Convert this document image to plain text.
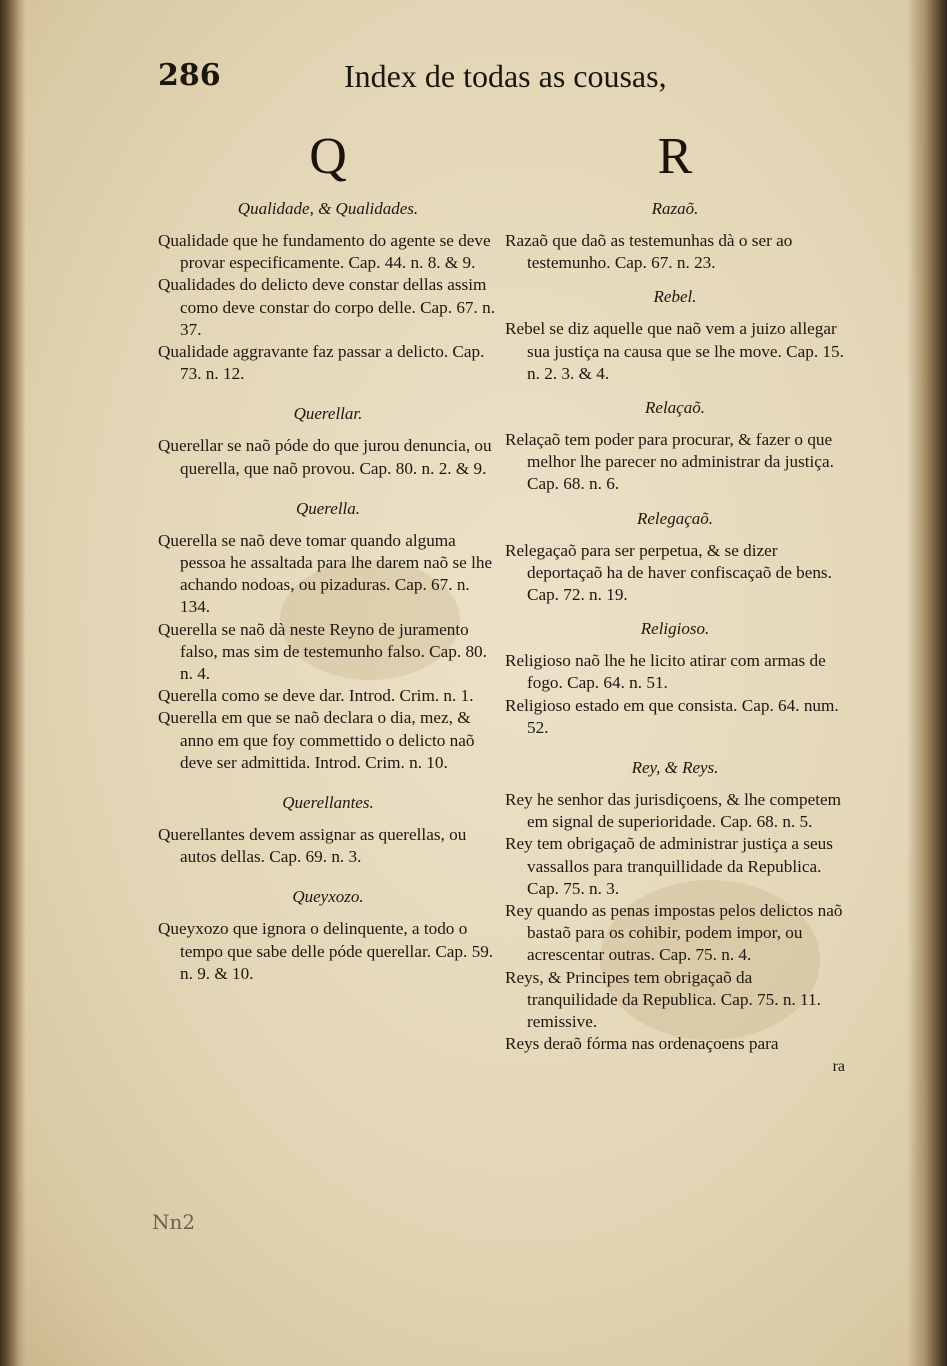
286	Index de todas as cousas,
Q
Qualidade, & Qualidades.
Qualidade que he fundamento do agente se deve provar especificamente. Cap. 44. n. 8. & 9.
Qualidades do delicto deve constar dellas assim como deve constar do corpo delle. Cap. 67. n. 37.
Qualidade aggravante faz passar a delicto. Cap. 73. n. 12.
Querellar.
Querellar se naõ póde do que jurou denuncia, ou querella, que naõ provou. Cap. 80. n. 2. & 9.
Querella.
Querella se naõ deve tomar quando alguma pessoa he assaltada para lhe darem naõ se lhe achando nodoas, ou pizaduras. Cap. 67. n. 134.
Querella se naõ dà neste Reyno de juramento falso, mas sim de testemunho falso. Cap. 80. n. 4.
Querella como se deve dar. Introd. Crim. n. 1.
Querella em que se naõ declara o dia, mez, & anno em que foy commettido o delicto naõ deve ser admittida. Introd. Crim. n. 10.
Querellantes.
Querellantes devem assignar as querellas, ou autos dellas. Cap. 69. n. 3.
Queyxozo.
Queyxozo que ignora o delinquente, a todo o tempo que sabe delle póde querellar. Cap. 59. n. 9. & 10.
R
Razaõ.
Razaõ que daõ as testemunhas dà o ser ao testemunho. Cap. 67. n. 23.
Rebel.
Rebel se diz aquelle que naõ vem a juizo allegar sua justiça na causa que se lhe move. Cap. 15. n. 2. 3. & 4.
Relaçaõ.
Relaçaõ tem poder para procurar, & fazer o que melhor lhe parecer no administrar da justiça. Cap. 68. n. 6.
Relegaçaõ.
Relegaçaõ para ser perpetua, & se dizer deportaçaõ ha de haver confiscaçaõ de bens. Cap. 72. n. 19.
Religioso.
Religioso naõ lhe he licito atirar com armas de fogo. Cap. 64. n. 51.
Religioso estado em que consista. Cap. 64. num. 52.
Rey, & Reys.
Rey he senhor das jurisdiçoens, & lhe competem em signal de superioridade. Cap. 68. n. 5.
Rey tem obrigaçaõ de administrar justiça a seus vassallos para tranquillidade da Republica. Cap. 75. n. 3.
Rey quando as penas impostas pelos delictos naõ bastaõ para os cohibir, podem impor, ou acrescentar outras. Cap. 75. n. 4.
Reys, & Principes tem obrigaçaõ da tranquilidade da Republica. Cap. 75. n. 11. remissive.
Reys deraõ fórma nas ordenaçoens para
ra
Nn2
